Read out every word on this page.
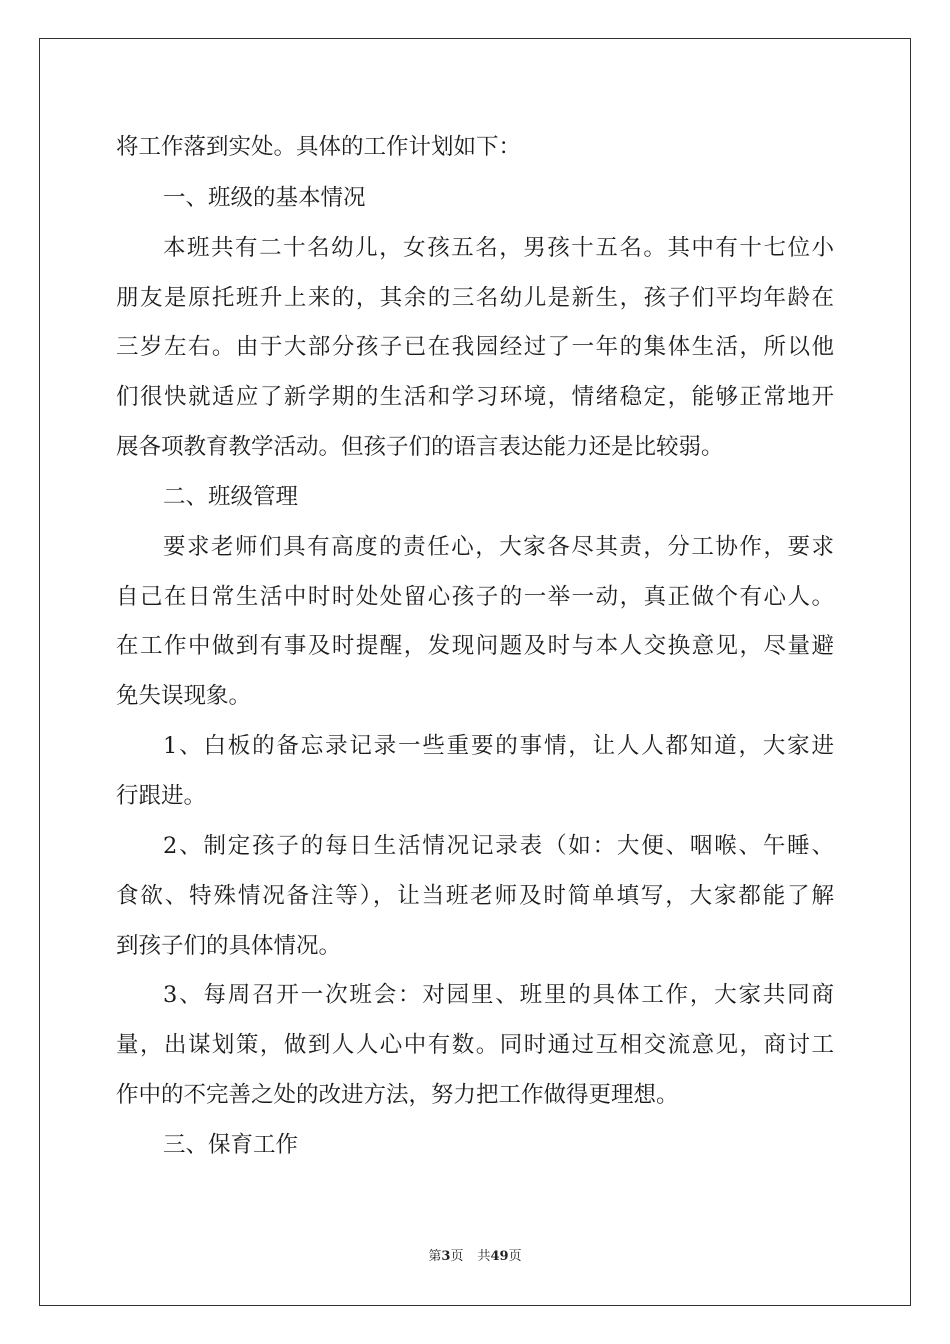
将工作落到实处。具体的工作计划如下：
一、班级的基本情况
本班共有二十名幼儿，女孩五名，男孩十五名。其中有十七位小
朋友是原托班升上来的，其余的三名幼儿是新生，孩子们平均年龄在
三岁左右。由于大部分孩子已在我园经过了一年的集体生活，所以他
们很快就适应了新学期的生活和学习环境，情绪稳定，能够正常地开
展各项教育教学活动。但孩子们的语言表达能力还是比较弱。
二、班级管理
要求老师们具有高度的责任心，大家各尽其责，分工协作，要求
自己在日常生活中时时处处留心孩子的一举一动，真正做个有心人。
在工作中做到有事及时提醒，发现问题及时与本人交换意见，尽量避
免失误现象。
1、白板的备忘录记录一些重要的事情，让人人都知道，大家进
行跟进。
2、制定孩子的每日生活情况记录表（如：大便、咽喉、午睡、
食欲、特殊情况备注等），让当班老师及时简单填写，大家都能了解
到孩子们的具体情况。
3、每周召开一次班会：对园里、班里的具体工作，大家共同商
量，出谋划策，做到人人心中有数。同时通过互相交流意见，商讨工
作中的不完善之处的改进方法，努力把工作做得更理想。
三、保育工作
第3页 共49页
